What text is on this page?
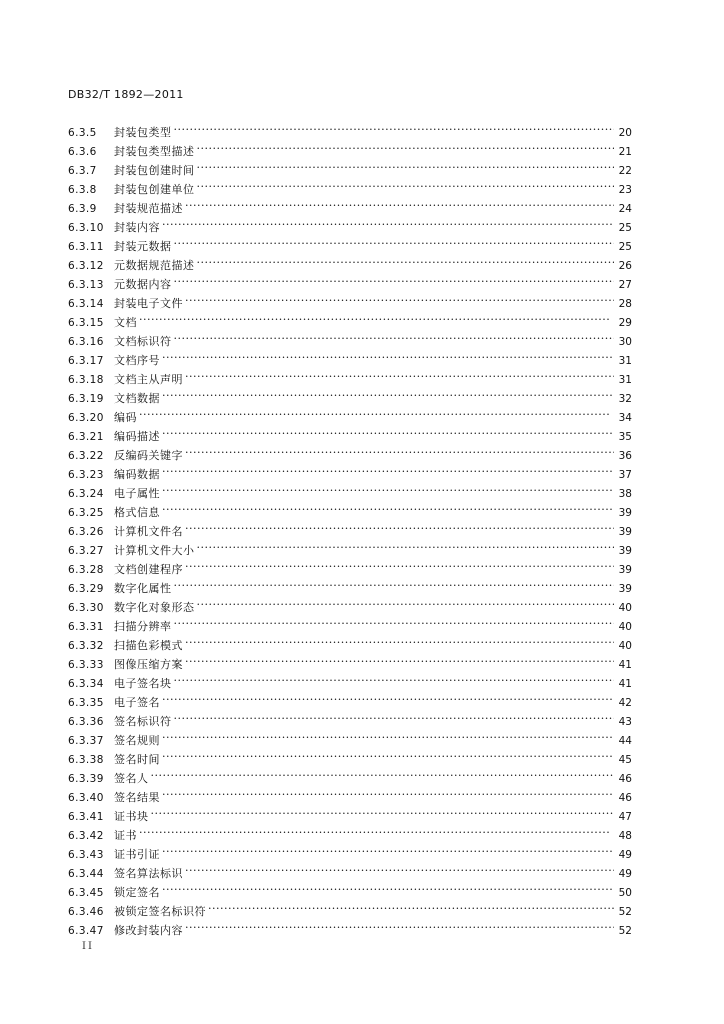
DB32/T 1892—2011
6.3.5	封装包类型 . . .	20
6.3.6	封装包类型描述 . . .	21
6.3.7	封装包创建时间 . . .	22
6.3.8	封装包创建单位 . . .	23
6.3.9	封装规范描述 . . .	24
6.3.10 封装内容 . . .	25
6.3.11 封装元数据 . . .	25
6.3.12 元数据规范描述 . . .	26
6.3.13 元数据内容 . . .	27
6.3.14 封装电子文件 . . .	28
6.3.15 文档 . . .	29
6.3.16 文档标识符 . . .	30
6.3.17 文档序号 . . .	31
6.3.18 文档主从声明 . . .	31
6.3.19 文档数据 . . .	32
6.3.20 编码 . . .	34
6.3.21 编码描述 . . .	35
6.3.22 反编码关键字 . . .	36
6.3.23 编码数据 . . .	37
6.3.24 电子属性 . . .	38
6.3.25 格式信息 . . .	39
6.3.26 计算机文件名 . . .	39
6.3.27 计算机文件大小 . . .	39
6.3.28 文档创建程序 . . .	39
6.3.29 数字化属性 . . .	39
6.3.30 数字化对象形态 . . .	40
6.3.31 扫描分辨率 . . .	40
6.3.32 扫描色彩模式 . . .	40
6.3.33 图像压缩方案 . . .	41
6.3.34 电子签名块 . . .	41
6.3.35 电子签名 . . .	42
6.3.36 签名标识符 . . .	43
6.3.37 签名规则 . . .	44
6.3.38 签名时间 . . .	45
6.3.39 签名人 . . .	46
6.3.40 签名结果 . . .	46
6.3.41 证书块 . . .	47
6.3.42 证书 . . .	48
6.3.43 证书引证 . . .	49
6.3.44 签名算法标识 . . .	49
6.3.45 锁定签名 . . .	50
6.3.46 被锁定签名标识符 . . .	52
6.3.47 修改封装内容 . . .	52
II
